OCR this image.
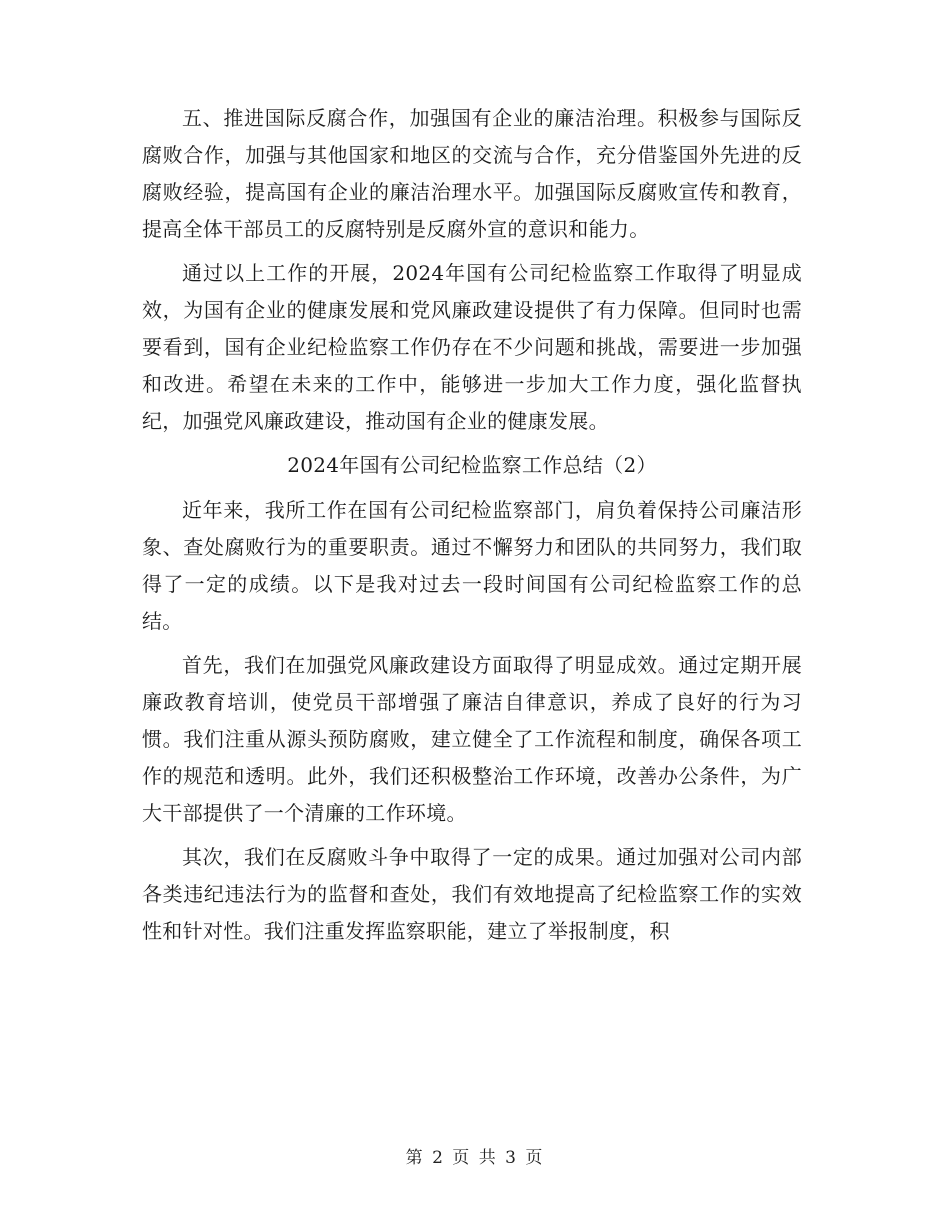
五、推进国际反腐合作，加强国有企业的廉洁治理。积极参与国际反腐败合作，加强与其他国家和地区的交流与合作，充分借鉴国外先进的反腐败经验，提高国有企业的廉洁治理水平。加强国际反腐败宣传和教育，提高全体干部员工的反腐特别是反腐外宣的意识和能力。

通过以上工作的开展，2024年国有公司纪检监察工作取得了明显成效，为国有企业的健康发展和党风廉政建设提供了有力保障。但同时也需要看到，国有企业纪检监察工作仍存在不少问题和挑战，需要进一步加强和改进。希望在未来的工作中，能够进一步加大工作力度，强化监督执纪，加强党风廉政建设，推动国有企业的健康发展。

2024年国有公司纪检监察工作总结（2）

近年来，我所工作在国有公司纪检监察部门，肩负着保持公司廉洁形象、查处腐败行为的重要职责。通过不懈努力和团队的共同努力，我们取得了一定的成绩。以下是我对过去一段时间国有公司纪检监察工作的总结。

首先，我们在加强党风廉政建设方面取得了明显成效。通过定期开展廉政教育培训，使党员干部增强了廉洁自律意识，养成了良好的行为习惯。我们注重从源头预防腐败，建立健全了工作流程和制度，确保各项工作的规范和透明。此外，我们还积极整治工作环境，改善办公条件，为广大干部提供了一个清廉的工作环境。

其次，我们在反腐败斗争中取得了一定的成果。通过加强对公司内部各类违纪违法行为的监督和查处，我们有效地提高了纪检监察工作的实效性和针对性。我们注重发挥监察职能，建立了举报制度，积

第 2 页 共 3 页
